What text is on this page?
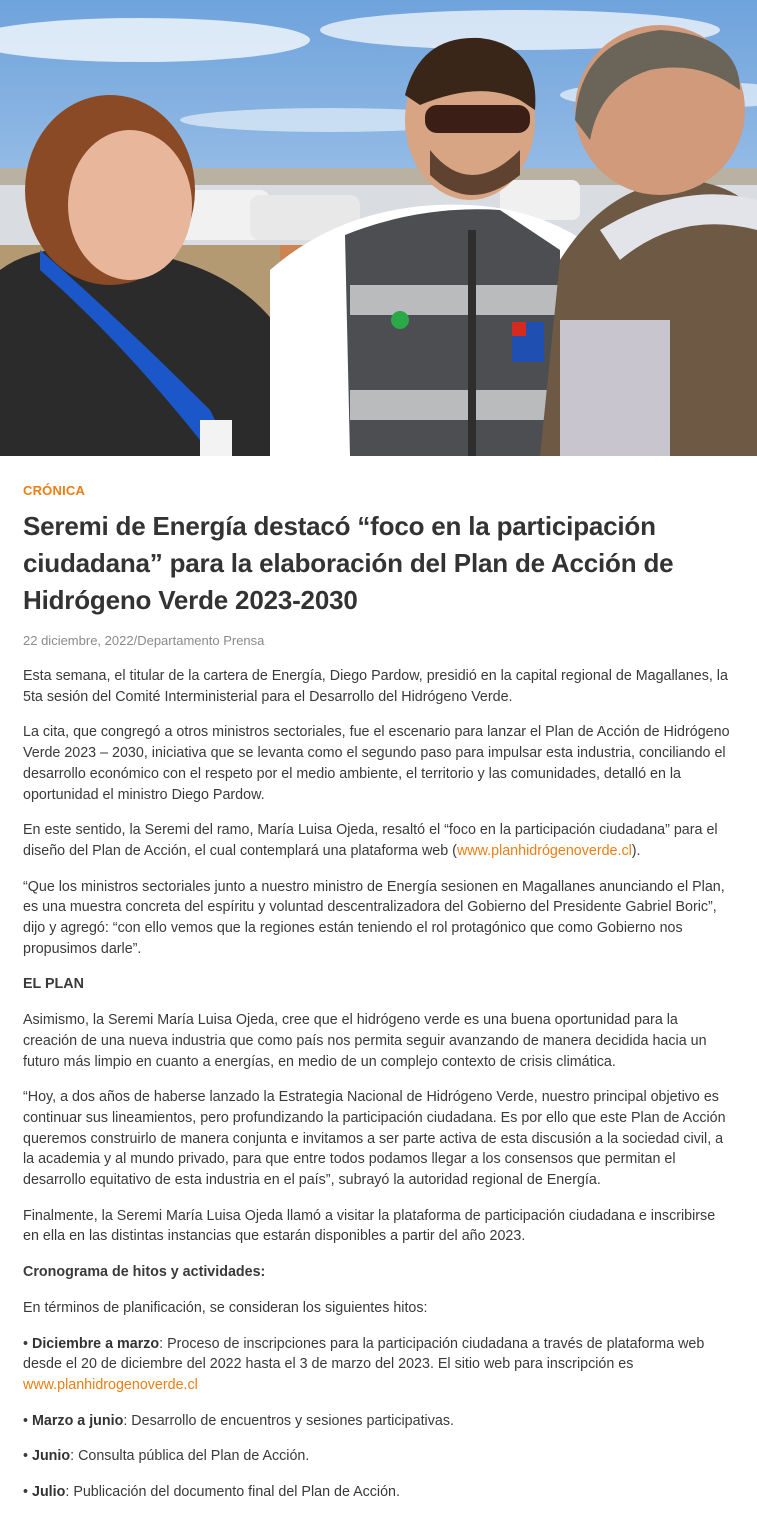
CRÓNICA
Seremi de Energía destacó “foco en la participación ciudadana” para la elaboración del Plan de Acción de Hidrógeno Verde 2023-2030
22 diciembre, 2022/Departamento Prensa

Esta semana, el titular de la cartera de Energía, Diego Pardow, presidió en la capital regional de Magallanes, la 5ta sesión del Comité Interministerial para el Desarrollo del Hidrógeno Verde.

La cita, que congregó a otros ministros sectoriales, fue el escenario para lanzar el Plan de Acción de Hidrógeno Verde 2023 – 2030, iniciativa que se levanta como el segundo paso para impulsar esta industria, conciliando el desarrollo económico con el respeto por el medio ambiente, el territorio y las comunidades, detalló en la oportunidad el ministro Diego Pardow.

En este sentido, la Seremi del ramo, María Luisa Ojeda, resaltó el “foco en la participación ciudadana” para el diseño del Plan de Acción, el cual contemplará una plataforma web (www.planhidrógenoverde.cl).

“Que los ministros sectoriales junto a nuestro ministro de Energía sesionen en Magallanes anunciando el Plan, es una muestra concreta del espíritu y voluntad descentralizadora del Gobierno del Presidente Gabriel Boric”, dijo y agregó: “con ello vemos que la regiones están teniendo el rol protagónico que como Gobierno nos propusimos darle”.

EL PLAN

Asimismo, la Seremi María Luisa Ojeda, cree que el hidrógeno verde es una buena oportunidad para la creación de una nueva industria que como país nos permita seguir avanzando de manera decidida hacia un futuro más limpio en cuanto a energías, en medio de un complejo contexto de crisis climática.

“Hoy, a dos años de haberse lanzado la Estrategia Nacional de Hidrógeno Verde, nuestro principal objetivo es continuar sus lineamientos, pero profundizando la participación ciudadana. Es por ello que este Plan de Acción queremos construirlo de manera conjunta e invitamos a ser parte activa de esta discusión a la sociedad civil, a la academia y al mundo privado, para que entre todos podamos llegar a los consensos que permitan el desarrollo equitativo de esta industria en el país”, subrayó la autoridad regional de Energía.

Finalmente, la Seremi María Luisa Ojeda llamó a visitar la plataforma de participación ciudadana e inscribirse en ella en las distintas instancias que estarán disponibles a partir del año 2023.

Cronograma de hitos y actividades:

En términos de planificación, se consideran los siguientes hitos:

• Diciembre a marzo: Proceso de inscripciones para la participación ciudadana a través de plataforma web desde el 20 de diciembre del 2022 hasta el 3 de marzo del 2023. El sitio web para inscripción es www.planhidrogenoverde.cl

• Marzo a junio: Desarrollo de encuentros y sesiones participativas.

• Junio: Consulta pública del Plan de Acción.

• Julio: Publicación del documento final del Plan de Acción.
